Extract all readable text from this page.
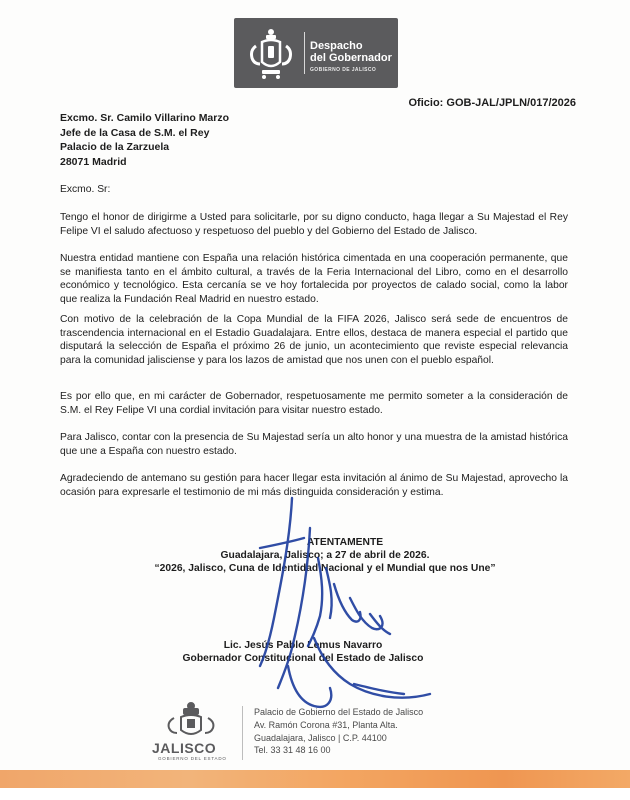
Despacho
del Gobernador
GOBIERNO DE JALISCO
Oficio: GOB-JAL/JPLN/017/2026
Excmo. Sr. Camilo Villarino Marzo
Jefe de la Casa de S.M. el Rey
Palacio de la Zarzuela
28071 Madrid
Excmo. Sr:
Tengo el honor de dirigirme a Usted para solicitarle, por su digno conducto, haga llegar a Su Majestad el Rey Felipe VI el saludo afectuoso y respetuoso del pueblo y del Gobierno del Estado de Jalisco.
Nuestra entidad mantiene con España una relación histórica cimentada en una cooperación permanente, que se manifiesta tanto en el ámbito cultural, a través de la Feria Internacional del Libro, como en el desarrollo económico y tecnológico. Esta cercanía se ve hoy fortalecida por proyectos de calado social, como la labor que realiza la Fundación Real Madrid en nuestro estado.
Con motivo de la celebración de la Copa Mundial de la FIFA 2026, Jalisco será sede de encuentros de trascendencia internacional en el Estadio Guadalajara. Entre ellos, destaca de manera especial el partido que disputará la selección de España el próximo 26 de junio, un acontecimiento que reviste especial relevancia para la comunidad jalisciense y para los lazos de amistad que nos unen con el pueblo español.
Es por ello que, en mi carácter de Gobernador, respetuosamente me permito someter a la consideración de S.M. el Rey Felipe VI una cordial invitación para visitar nuestro estado.
Para Jalisco, contar con la presencia de Su Majestad sería un alto honor y una muestra de la amistad histórica que une a España con nuestro estado.
Agradeciendo de antemano su gestión para hacer llegar esta invitación al ánimo de Su Majestad, aprovecho la ocasión para expresarle el testimonio de mi más distinguida consideración y estima.
ATENTAMENTE
Guadalajara, Jalisco; a 27 de abril de 2026.
“2026, Jalisco, Cuna de Identidad Nacional y el Mundial que nos Une”
Lic. Jesús Pablo Lemus Navarro
Gobernador Constitucional del Estado de Jalisco
JALISCO
GOBIERNO DEL ESTADO
Palacio de Gobierno del Estado de Jalisco
Av. Ramón Corona #31, Planta Alta.
Guadalajara, Jalisco | C.P. 44100
Tel. 33 31 48 16 00
